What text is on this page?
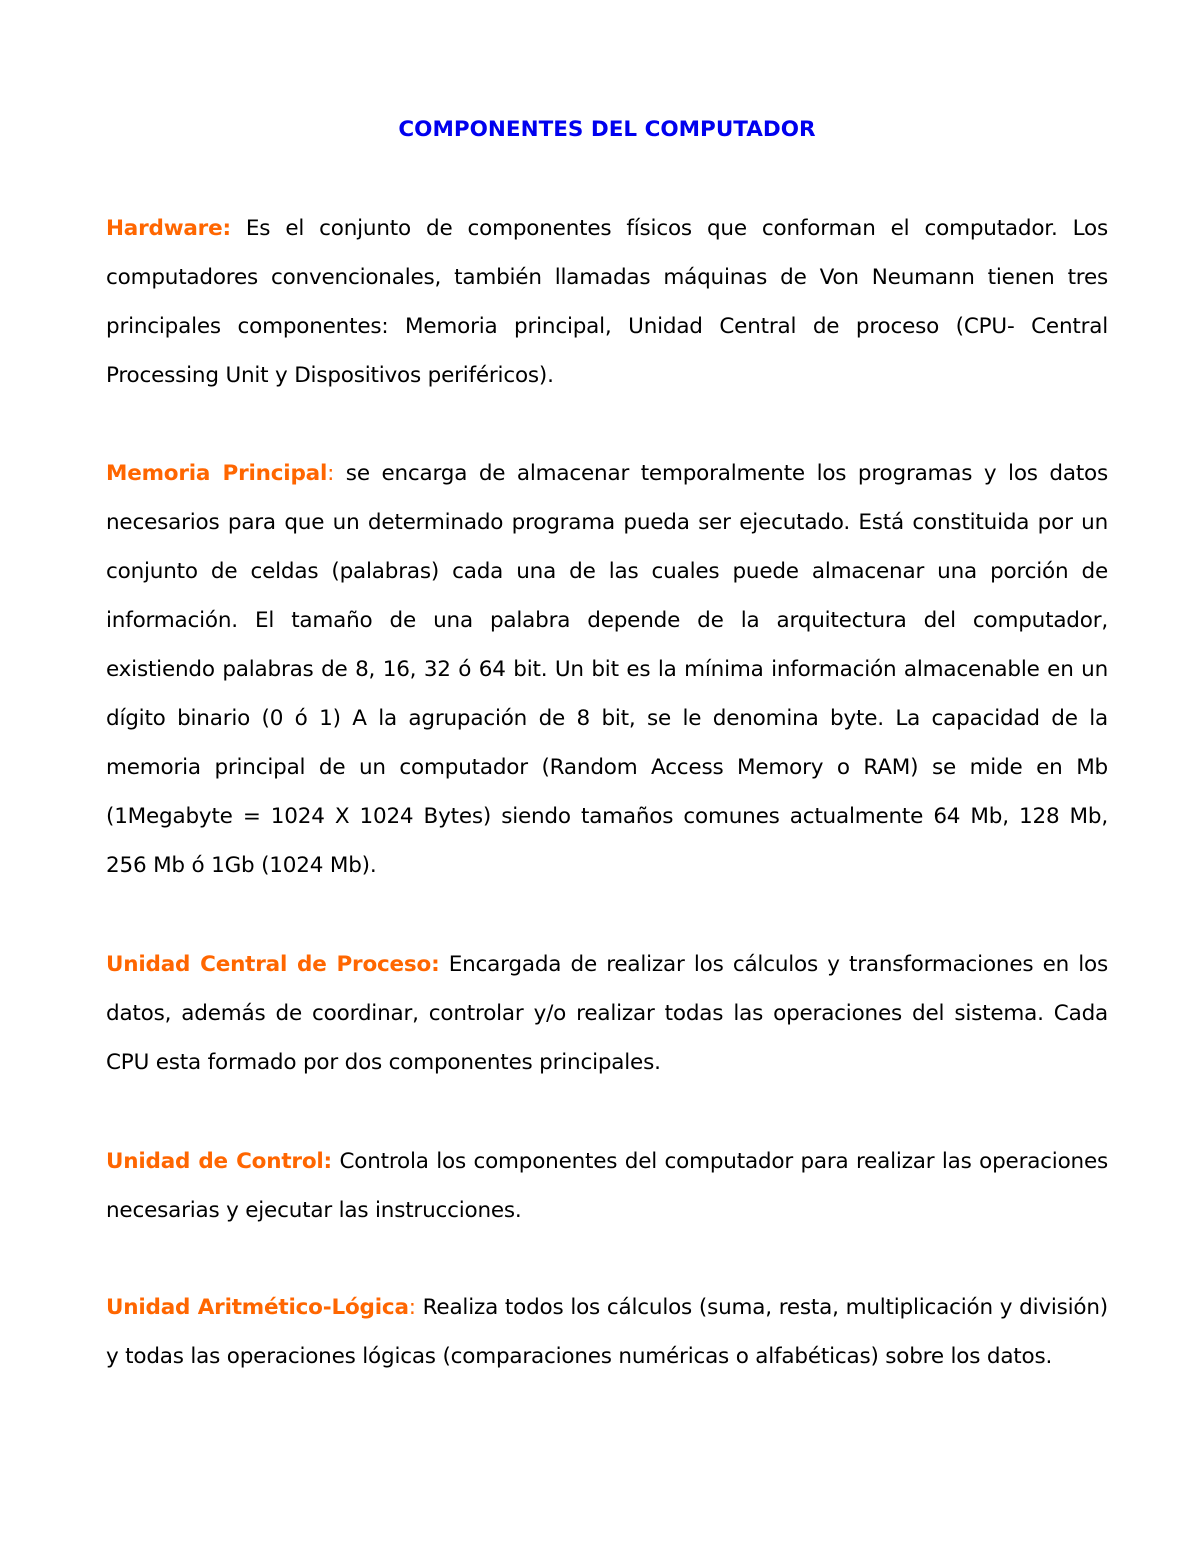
COMPONENTES DEL COMPUTADOR

Hardware: Es el conjunto de componentes físicos que conforman el computador. Los computadores convencionales, también llamadas máquinas de Von Neumann tienen tres principales componentes: Memoria principal, Unidad Central de proceso (CPU- Central Processing Unit y Dispositivos periféricos).

Memoria Principal: se encarga de almacenar temporalmente los programas y los datos necesarios para que un determinado programa pueda ser ejecutado. Está constituida por un conjunto de celdas (palabras) cada una de las cuales puede almacenar una porción de información. El tamaño de una palabra depende de la arquitectura del computador, existiendo palabras de 8, 16, 32 ó 64 bit. Un bit es la mínima información almacenable en un dígito binario (0 ó 1) A la agrupación de 8 bit, se le denomina byte. La capacidad de la memoria principal de un computador (Random Access Memory o RAM) se mide en Mb (1Megabyte = 1024 X 1024 Bytes) siendo tamaños comunes actualmente 64 Mb, 128 Mb, 256 Mb ó 1Gb (1024 Mb).

Unidad Central de Proceso: Encargada de realizar los cálculos y transformaciones en los datos, además de coordinar, controlar y/o realizar todas las operaciones del sistema. Cada CPU esta formado por dos componentes principales.

Unidad de Control: Controla los componentes del computador para realizar las operaciones necesarias y ejecutar las instrucciones.

Unidad Aritmético-Lógica: Realiza todos los cálculos (suma, resta, multiplicación y división) y todas las operaciones lógicas (comparaciones numéricas o alfabéticas) sobre los datos.
